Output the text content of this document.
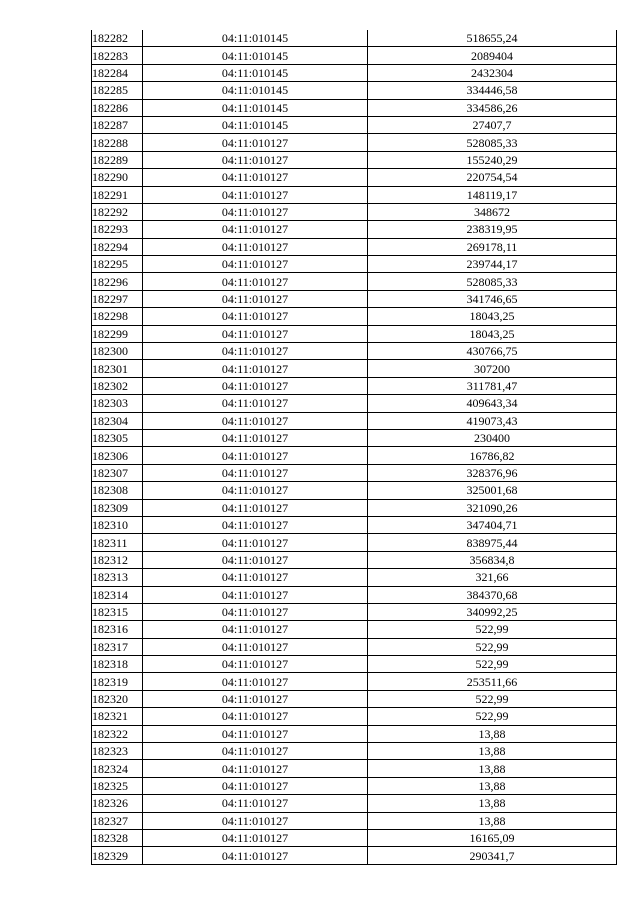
182282	04:11:010145	518655,24
182283	04:11:010145	2089404
182284	04:11:010145	2432304
182285	04:11:010145	334446,58
182286	04:11:010145	334586,26
182287	04:11:010145	27407,7
182288	04:11:010127	528085,33
182289	04:11:010127	155240,29
182290	04:11:010127	220754,54
182291	04:11:010127	148119,17
182292	04:11:010127	348672
182293	04:11:010127	238319,95
182294	04:11:010127	269178,11
182295	04:11:010127	239744,17
182296	04:11:010127	528085,33
182297	04:11:010127	341746,65
182298	04:11:010127	18043,25
182299	04:11:010127	18043,25
182300	04:11:010127	430766,75
182301	04:11:010127	307200
182302	04:11:010127	311781,47
182303	04:11:010127	409643,34
182304	04:11:010127	419073,43
182305	04:11:010127	230400
182306	04:11:010127	16786,82
182307	04:11:010127	328376,96
182308	04:11:010127	325001,68
182309	04:11:010127	321090,26
182310	04:11:010127	347404,71
182311	04:11:010127	838975,44
182312	04:11:010127	356834,8
182313	04:11:010127	321,66
182314	04:11:010127	384370,68
182315	04:11:010127	340992,25
182316	04:11:010127	522,99
182317	04:11:010127	522,99
182318	04:11:010127	522,99
182319	04:11:010127	253511,66
182320	04:11:010127	522,99
182321	04:11:010127	522,99
182322	04:11:010127	13,88
182323	04:11:010127	13,88
182324	04:11:010127	13,88
182325	04:11:010127	13,88
182326	04:11:010127	13,88
182327	04:11:010127	13,88
182328	04:11:010127	16165,09
182329	04:11:010127	290341,7
